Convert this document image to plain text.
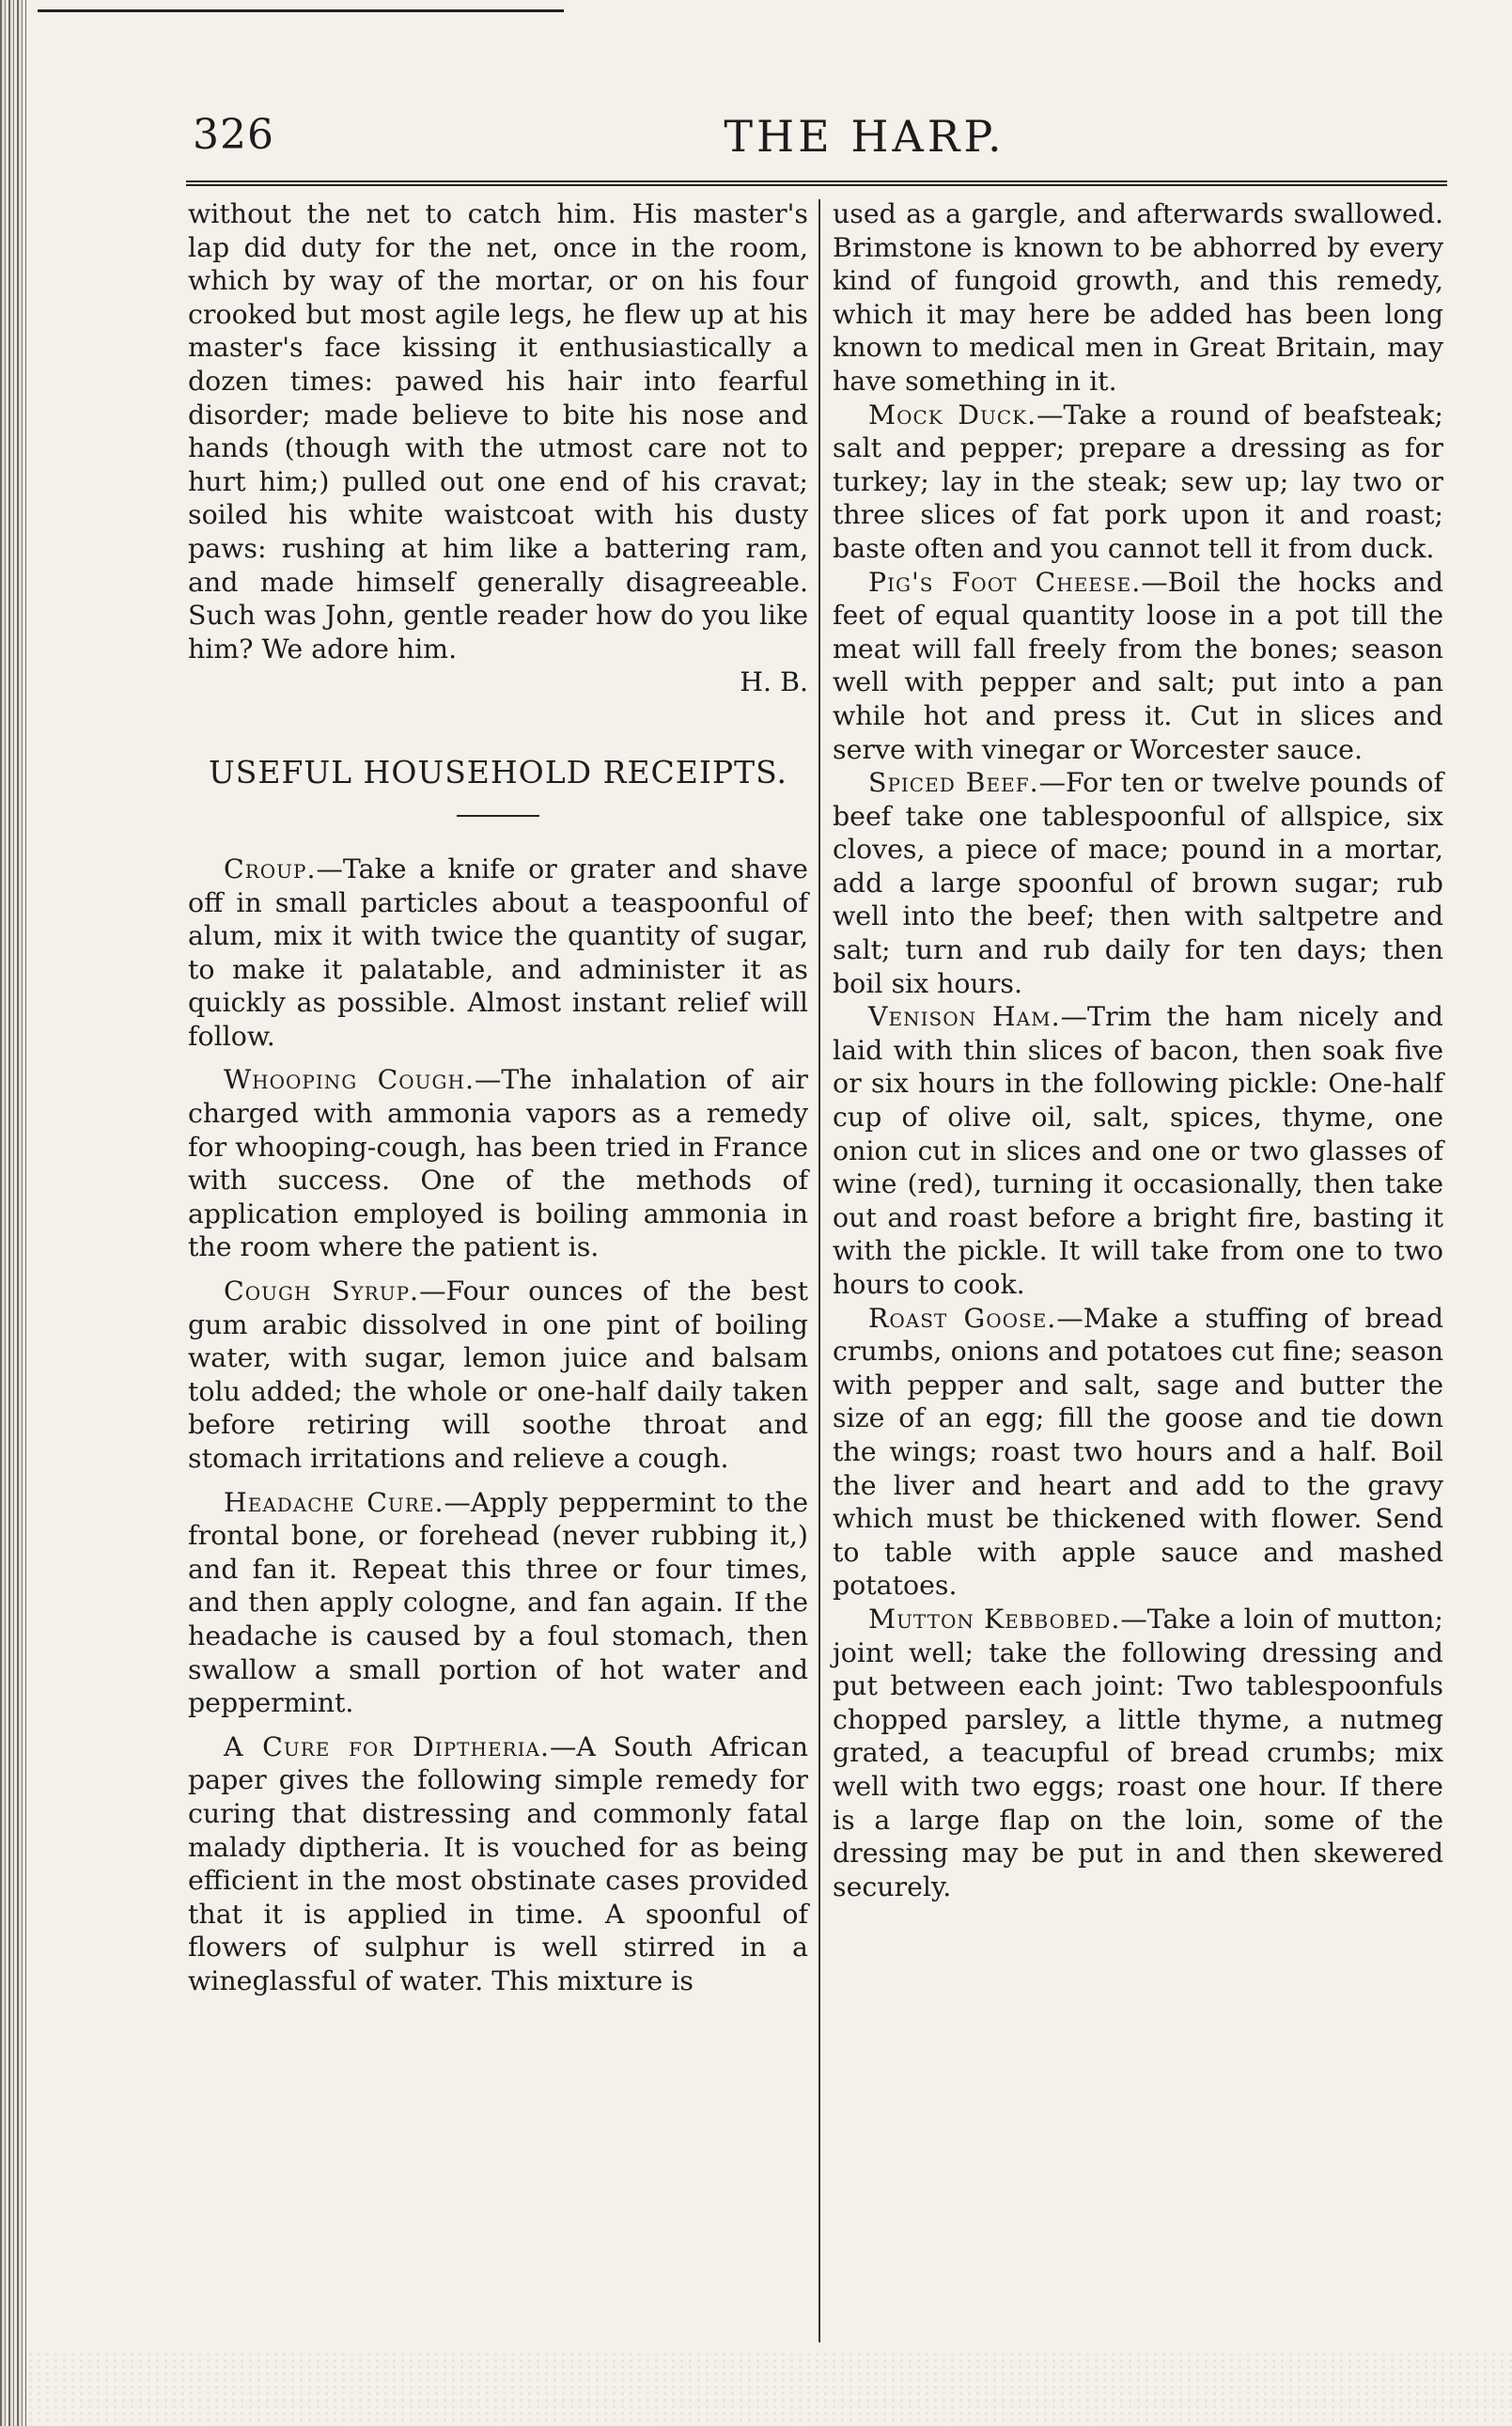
326	THE HARP.

without the net to catch him. His master's lap did duty for the net, once in the room, which by way of the mortar, or on his four crooked but most agile legs, he flew up at his master's face kissing it enthusiastically a dozen times: pawed his hair into fearful disorder; made believe to bite his nose and hands (though with the utmost care not to hurt him;) pulled out one end of his cravat; soiled his white waistcoat with his dusty paws: rushing at him like a battering ram, and made himself generally disagreeable. Such was John, gentle reader how do you like him? We adore him.

H. B.

USEFUL HOUSEHOLD RECEIPTS.

Croup.—Take a knife or grater and shave off in small particles about a teaspoonful of alum, mix it with twice the quantity of sugar, to make it palatable, and administer it as quickly as possible. Almost instant relief will follow.

Whooping Cough.—The inhalation of air charged with ammonia vapors as a remedy for whooping-cough, has been tried in France with success. One of the methods of application employed is boiling ammonia in the room where the patient is.

Cough Syrup.—Four ounces of the best gum arabic dissolved in one pint of boiling water, with sugar, lemon juice and balsam tolu added; the whole or one-half daily taken before retiring will soothe throat and stomach irritations and relieve a cough.

Headache Cure.—Apply peppermint to the frontal bone, or forehead (never rubbing it,) and fan it. Repeat this three or four times, and then apply cologne, and fan again. If the headache is caused by a foul stomach, then swallow a small portion of hot water and peppermint.

A Cure for Diptheria.—A South African paper gives the following simple remedy for curing that distressing and commonly fatal malady diptheria. It is vouched for as being efficient in the most obstinate cases provided that it is applied in time. A spoonful of flowers of sulphur is well stirred in a wineglassful of water. This mixture is

used as a gargle, and afterwards swallowed. Brimstone is known to be abhorred by every kind of fungoid growth, and this remedy, which it may here be added has been long known to medical men in Great Britain, may have something in it.

Mock Duck.—Take a round of beafsteak; salt and pepper; prepare a dressing as for turkey; lay in the steak; sew up; lay two or three slices of fat pork upon it and roast; baste often and you cannot tell it from duck.

Pig's Foot Cheese.—Boil the hocks and feet of equal quantity loose in a pot till the meat will fall freely from the bones; season well with pepper and salt; put into a pan while hot and press it. Cut in slices and serve with vinegar or Worcester sauce.

Spiced Beef.—For ten or twelve pounds of beef take one tablespoonful of allspice, six cloves, a piece of mace; pound in a mortar, add a large spoonful of brown sugar; rub well into the beef; then with saltpetre and salt; turn and rub daily for ten days; then boil six hours.

Venison Ham.—Trim the ham nicely and laid with thin slices of bacon, then soak five or six hours in the following pickle: One-half cup of olive oil, salt, spices, thyme, one onion cut in slices and one or two glasses of wine (red), turning it occasionally, then take out and roast before a bright fire, basting it with the pickle. It will take from one to two hours to cook.

Roast Goose.—Make a stuffing of bread crumbs, onions and potatoes cut fine; season with pepper and salt, sage and butter the size of an egg; fill the goose and tie down the wings; roast two hours and a half. Boil the liver and heart and add to the gravy which must be thickened with flower. Send to table with apple sauce and mashed potatoes.

Mutton Kebbobed.—Take a loin of mutton; joint well; take the following dressing and put between each joint: Two tablespoonfuls chopped parsley, a little thyme, a nutmeg grated, a teacupful of bread crumbs; mix well with two eggs; roast one hour. If there is a large flap on the loin, some of the dressing may be put in and then skewered securely.
